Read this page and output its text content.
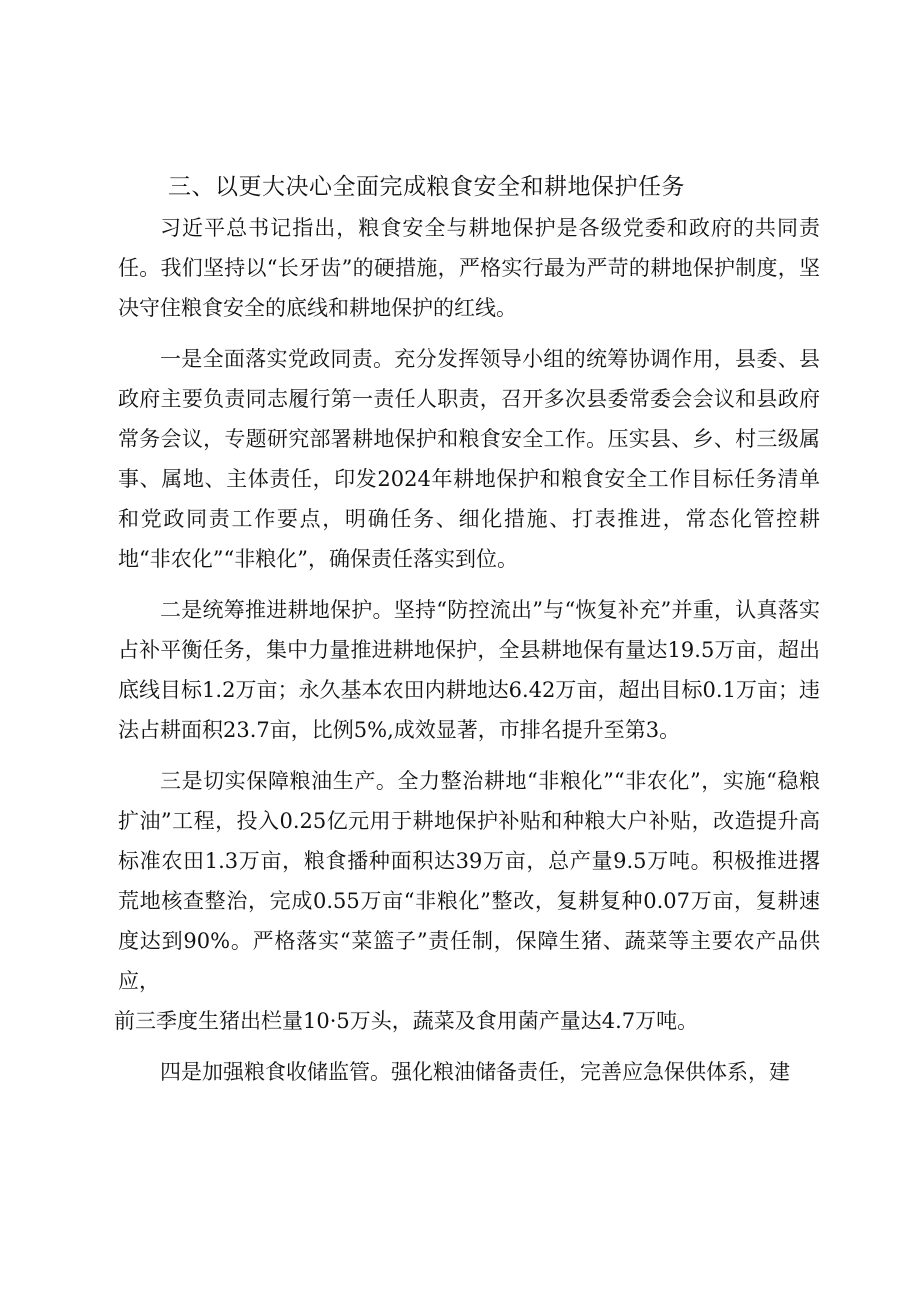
三、以更大决心全面完成粮食安全和耕地保护任务

习近平总书记指出，粮食安全与耕地保护是各级党委和政府的共同责任。我们坚持以“长牙齿”的硬措施，严格实行最为严苛的耕地保护制度，坚决守住粮食安全的底线和耕地保护的红线。

一是全面落实党政同责。充分发挥领导小组的统筹协调作用，县委、县政府主要负责同志履行第一责任人职责，召开多次县委常委会会议和县政府常务会议，专题研究部署耕地保护和粮食安全工作。压实县、乡、村三级属事、属地、主体责任，印发2024年耕地保护和粮食安全工作目标任务清单和党政同责工作要点，明确任务、细化措施、打表推进，常态化管控耕地“非农化”“非粮化”，确保责任落实到位。

二是统筹推进耕地保护。坚持“防控流出”与“恢复补充”并重，认真落实占补平衡任务，集中力量推进耕地保护，全县耕地保有量达19.5万亩，超出底线目标1.2万亩；永久基本农田内耕地达6.42万亩，超出目标0.1万亩；违法占耕面积23.7亩，比例5%,成效显著，市排名提升至第3。

三是切实保障粮油生产。全力整治耕地“非粮化”“非农化”，实施“稳粮扩油”工程，投入0.25亿元用于耕地保护补贴和种粮大户补贴，改造提升高标准农田1.3万亩，粮食播种面积达39万亩，总产量9.5万吨。积极推进撂荒地核查整治，完成0.55万亩“非粮化”整改，复耕复种0.07万亩，复耕速度达到90%。严格落实“菜篮子”责任制，保障生猪、蔬菜等主要农产品供应，

前三季度生猪出栏量10·5万头，蔬菜及食用菌产量达4.7万吨。

四是加强粮食收储监管。强化粮油储备责任，完善应急保供体系，建
